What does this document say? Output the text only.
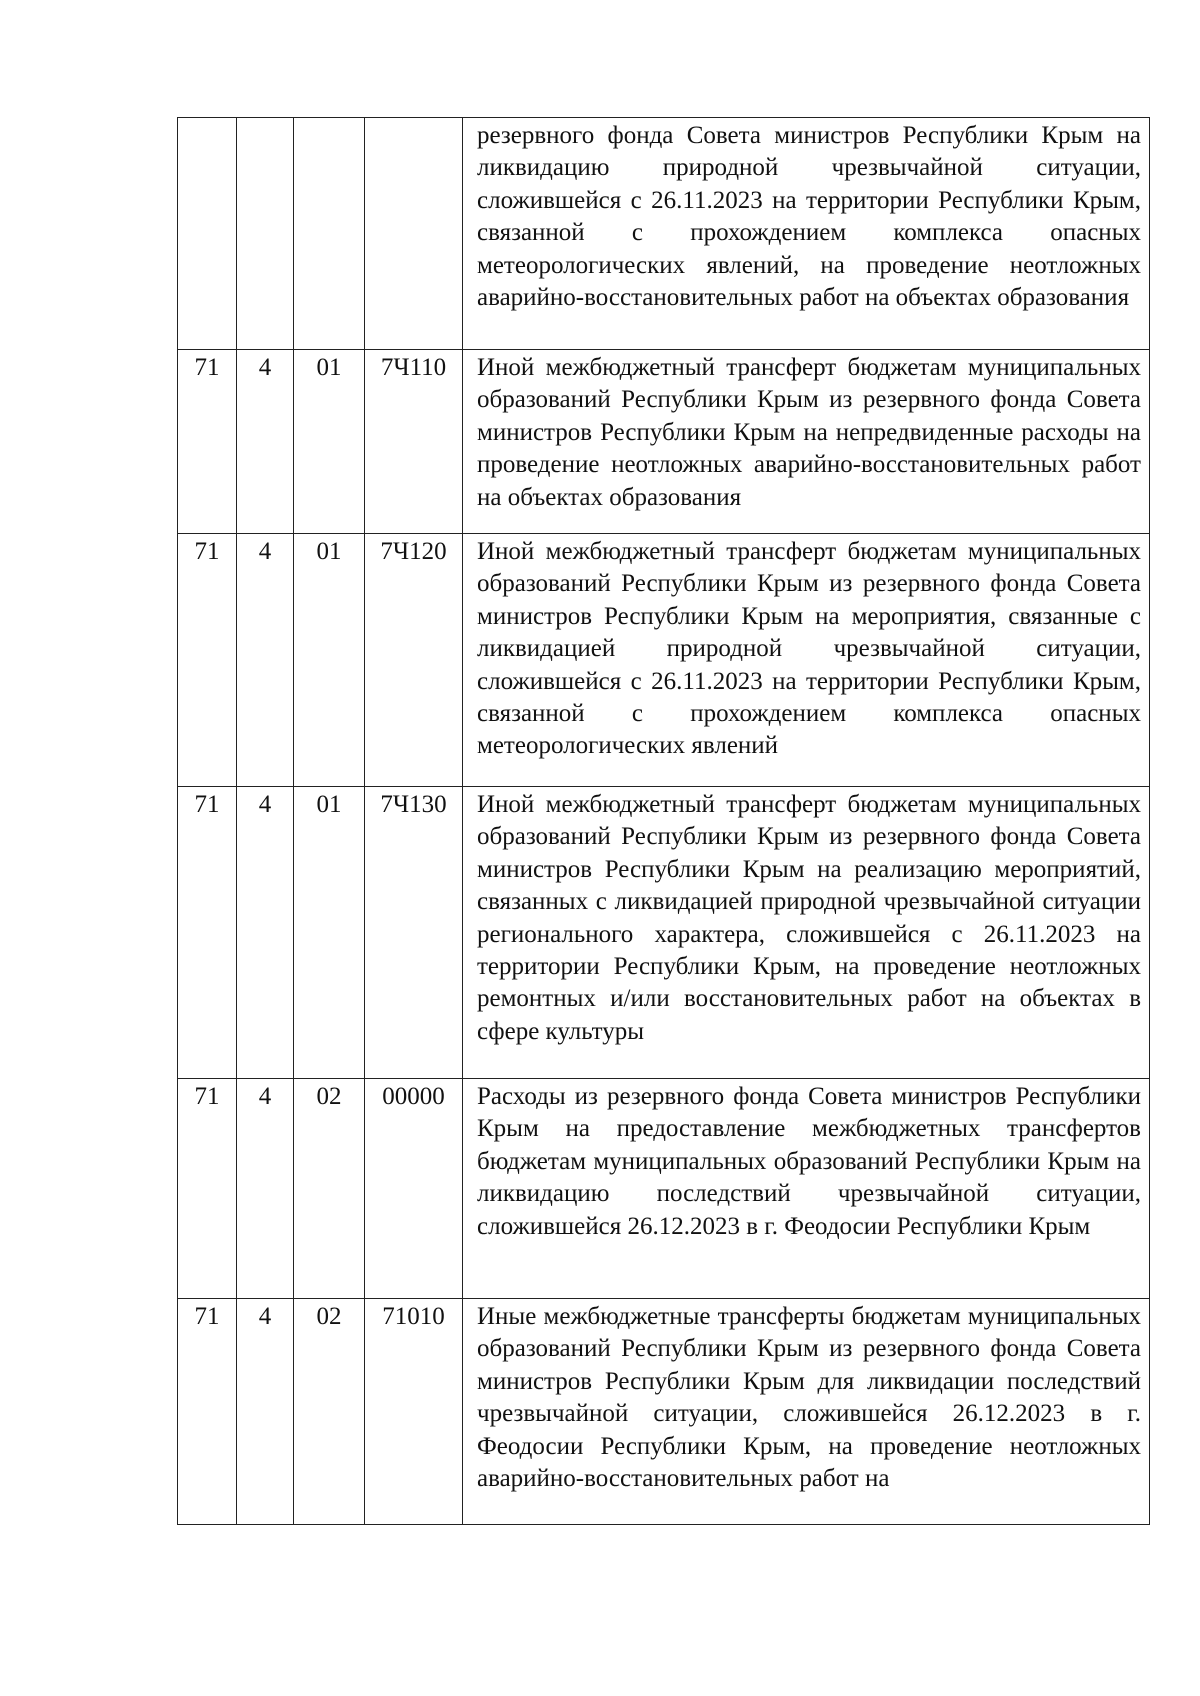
				резервного фонда Совета министров Республики Крым на ликвидацию природной чрезвычайной ситуации, сложившейся с 26.11.2023 на территории Республики Крым, связанной с прохождением комплекса опасных метеорологических явлений, на проведение неотложных аварийно-восстановительных работ на объектах образования
71	4	01	7Ч110	Иной межбюджетный трансферт бюджетам муниципальных образований Республики Крым из резервного фонда Совета министров Республики Крым на непредвиденные расходы на проведение неотложных аварийно-восстановительных работ на объектах образования
71	4	01	7Ч120	Иной межбюджетный трансферт бюджетам муниципальных образований Республики Крым из резервного фонда Совета министров Республики Крым на мероприятия, связанные с ликвидацией природной чрезвычайной ситуации, сложившейся с 26.11.2023 на территории Республики Крым, связанной с прохождением комплекса опасных метеорологических явлений
71	4	01	7Ч130	Иной межбюджетный трансферт бюджетам муниципальных образований Республики Крым из резервного фонда Совета министров Республики Крым на реализацию мероприятий, связанных с ликвидацией природной чрезвычайной ситуации регионального характера, сложившейся с 26.11.2023 на территории Республики Крым, на проведение неотложных ремонтных и/или восстановительных работ на объектах в сфере культуры
71	4	02	00000	Расходы из резервного фонда Совета министров Республики Крым на предоставление межбюджетных трансфертов бюджетам муниципальных образований Республики Крым на ликвидацию последствий чрезвычайной ситуации, сложившейся 26.12.2023 в г. Феодосии Республики Крым
71	4	02	71010	Иные межбюджетные трансферты бюджетам муниципальных образований Республики Крым из резервного фонда Совета министров Республики Крым для ликвидации последствий чрезвычайной ситуации, сложившейся 26.12.2023 в г. Феодосии Республики Крым, на проведение неотложных аварийно-восстановительных работ на
